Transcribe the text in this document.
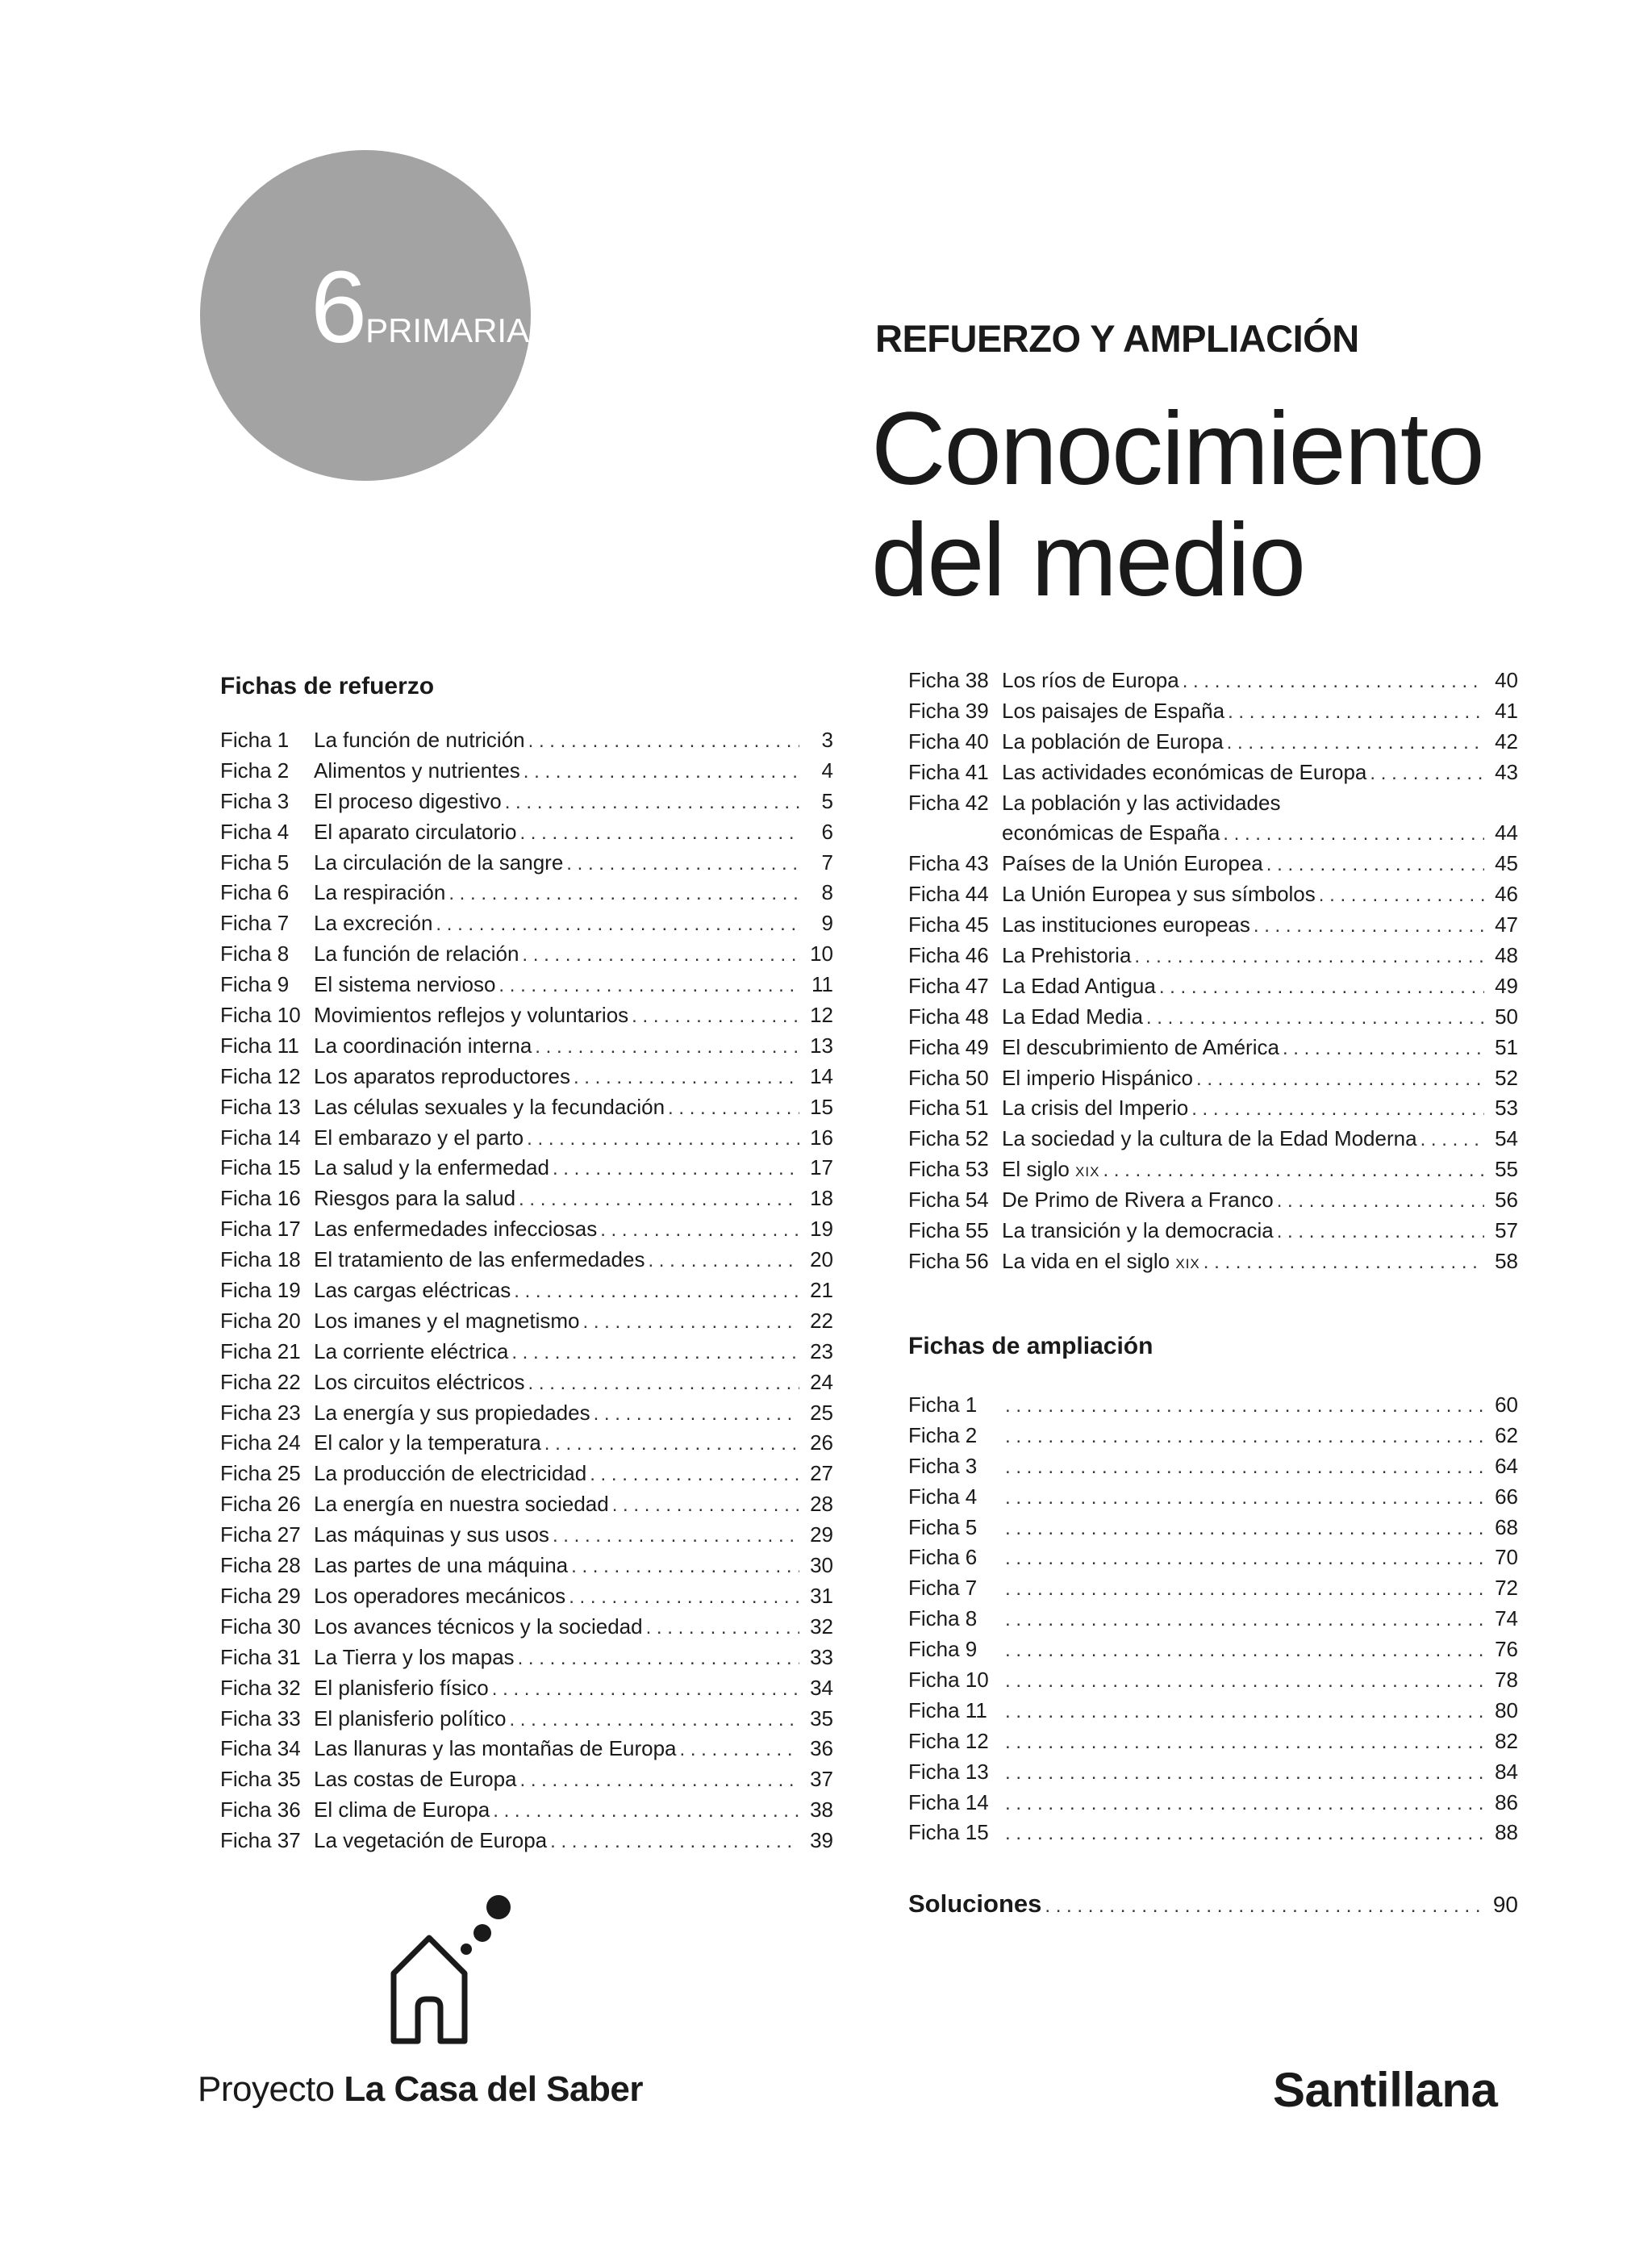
6PRIMARIA	REFUERZO Y AMPLIACIÓN
Conocimiento
del medio
Fichas de refuerzo
Ficha 1	La función de nutrición . . .	3
Ficha 2	Alimentos y nutrientes . . .	4
Ficha 3	El proceso digestivo . . .	5
Ficha 4	El aparato circulatorio . . .	6
Ficha 5	La circulación de la sangre . . .	7
Ficha 6	La respiración . . .	8
Ficha 7	La excreción . . .	9
Ficha 8	La función de relación . . .	10
Ficha 9	El sistema nervioso . . .	11
Ficha 10 Movimientos reflejos y voluntarios . . .	12
Ficha 11 La coordinación interna . . .	13
Ficha 12 Los aparatos reproductores . . .	14
Ficha 13 Las células sexuales y la fecundación . . .	15
Ficha 14 El embarazo y el parto . . .	16
Ficha 15 La salud y la enfermedad . . .	17
Ficha 16 Riesgos para la salud . . .	18
Ficha 17 Las enfermedades infecciosas . . .	19
Ficha 18 El tratamiento de las enfermedades . . .	20
Ficha 19 Las cargas eléctricas . . .	21
Ficha 20 Los imanes y el magnetismo . . .	22
Ficha 21 La corriente eléctrica . . .	23
Ficha 22 Los circuitos eléctricos . . .	24
Ficha 23 La energía y sus propiedades . . .	25
Ficha 24 El calor y la temperatura . . .	26
Ficha 25 La producción de electricidad . . .	27
Ficha 26 La energía en nuestra sociedad . . .	28
Ficha 27 Las máquinas y sus usos . . .	29
Ficha 28 Las partes de una máquina . . .	30
Ficha 29 Los operadores mecánicos . . .	31
Ficha 30 Los avances técnicos y la sociedad . . .	32
Ficha 31 La Tierra y los mapas . . .	33
Ficha 32 El planisferio físico . . .	34
Ficha 33 El planisferio político . . .	35
Ficha 34 Las llanuras y las montañas de Europa . . .	36
Ficha 35 Las costas de Europa . . .	37
Ficha 36 El clima de Europa . . .	38
Ficha 37 La vegetación de Europa . . .	39
Ficha 38 Los ríos de Europa . . .	40
Ficha 39 Los paisajes de España . . .	41
Ficha 40 La población de Europa . . .	42
Ficha 41 Las actividades económicas de Europa . . .	43
Ficha 42 La población y las actividades
económicas de España . . .	44
Ficha 43 Países de la Unión Europea . . .	45
Ficha 44 La Unión Europea y sus símbolos . . .	46
Ficha 45 Las instituciones europeas . . .	47
Ficha 46 La Prehistoria . . .	48
Ficha 47 La Edad Antigua . . .	49
Ficha 48 La Edad Media . . .	50
Ficha 49 El descubrimiento de América . . .	51
Ficha 50 El imperio Hispánico . . .	52
Ficha 51 La crisis del Imperio . . .	53
Ficha 52 La sociedad y la cultura de la Edad Moderna . . .	54
Ficha 53 El siglo XIX . . .	55
Ficha 54 De Primo de Rivera a Franco . . .	56
Ficha 55 La transición y la democracia . . .	57
Ficha 56 La vida en el siglo XIX . . .	58
Fichas de ampliación
Ficha 1 . . .	60
Ficha 2 . . .	62
Ficha 3 . . .	64
Ficha 4 . . .	66
Ficha 5 . . .	68
Ficha 6 . . .	70
Ficha 7 . . .	72
Ficha 8 . . .	74
Ficha 9 . . .	76
Ficha 10 . . .	78
Ficha 11 . . .	80
Ficha 12 . . .	82
Ficha 13 . . .	84
Ficha 14 . . .	86
Ficha 15 . . .	88
Soluciones . . .	90
Proyecto La Casa del Saber	Santillana
